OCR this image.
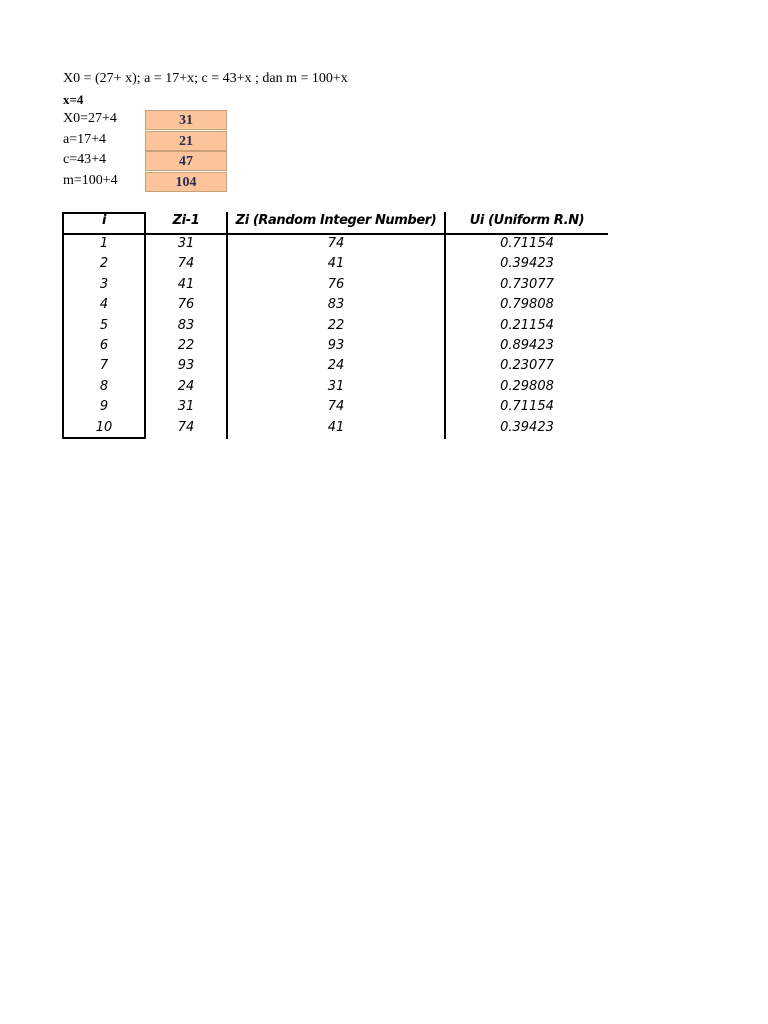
X0 = (27+ x); a = 17+x; c = 43+x ; dan m = 100+x
x=4
X0=27+4	31
a=17+4	21
c=43+4	47
m=100+4	104
i	Zi-1	Zi (Random Integer Number)	Ui (Uniform R.N)
1	31	74	0.71154
2	74	41	0.39423
3	41	76	0.73077
4	76	83	0.79808
5	83	22	0.21154
6	22	93	0.89423
7	93	24	0.23077
8	24	31	0.29808
9	31	74	0.71154
10	74	41	0.39423
